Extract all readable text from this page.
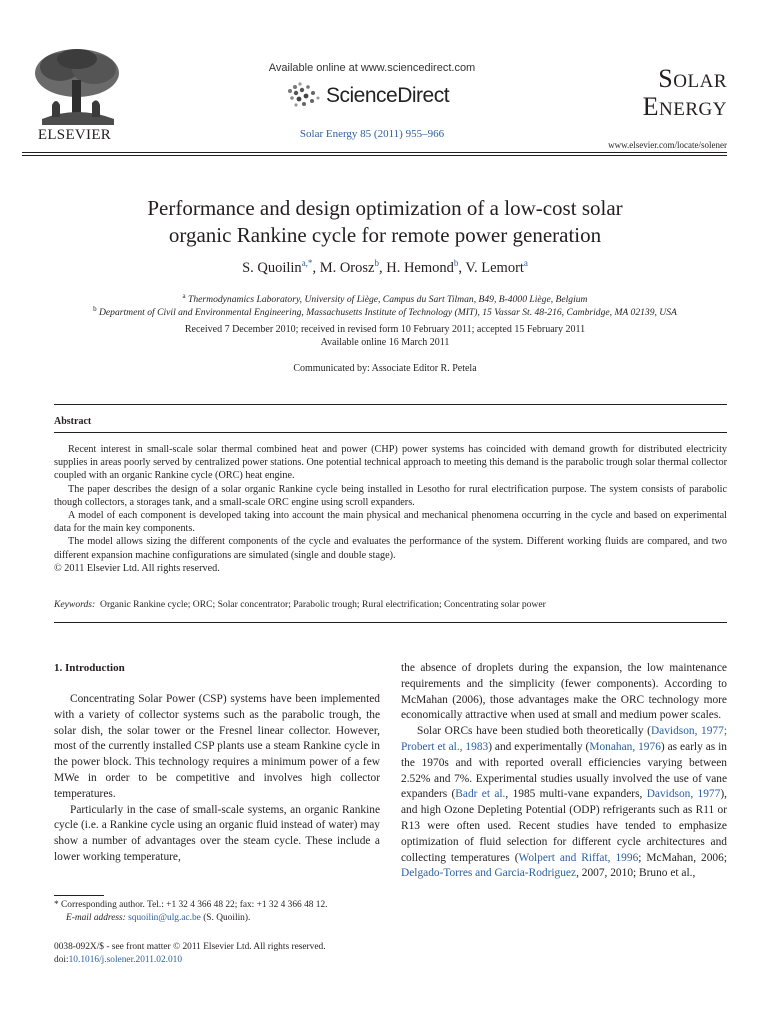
ELSEVIER
Available online at www.sciencedirect.com
ScienceDirect
Solar Energy 85 (2011) 955–966
SOLAR
ENERGY
www.elsevier.com/locate/solener
Performance and design optimization of a low-cost solar
organic Rankine cycle for remote power generation
S. Quoilin$^{a,*}$, M. Orosz$^b$, H. Hemond$^b$, V. Lemort$^a$
$^a$ Thermodynamics Laboratory, University of Liège, Campus du Sart Tilman, B49, B-4000 Liège, Belgium
$^b$ Department of Civil and Environmental Engineering, Massachusetts Institute of Technology (MIT), 15 Vassar St. 48-216, Cambridge, MA 02139, USA
Received 7 December 2010; received in revised form 10 February 2011; accepted 15 February 2011
Available online 16 March 2011
Communicated by: Associate Editor R. Petela
Abstract

Recent interest in small-scale solar thermal combined heat and power (CHP) power systems has coincided with demand growth for distributed electricity supplies in areas poorly served by centralized power stations. One potential technical approach to meeting this demand is the parabolic trough solar thermal collector coupled with an organic Rankine cycle (ORC) heat engine.

The paper describes the design of a solar organic Rankine cycle being installed in Lesotho for rural electrification purpose. The system consists of parabolic though collectors, a storages tank, and a small-scale ORC engine using scroll expanders.

A model of each component is developed taking into account the main physical and mechanical phenomena occurring in the cycle and based on experimental data for the main key components.

The model allows sizing the different components of the cycle and evaluates the performance of the system. Different working fluids are compared, and two different expansion machine configurations are simulated (single and double stage).

© 2011 Elsevier Ltd. All rights reserved.

Keywords: Organic Rankine cycle; ORC; Solar concentrator; Parabolic trough; Rural electrification; Concentrating solar power
1. Introduction

Concentrating Solar Power (CSP) systems have been implemented with a variety of collector systems such as the parabolic trough, the solar dish, the solar tower or the Fresnel linear collector. However, most of the currently installed CSP plants use a steam Rankine cycle in the power block. This technology requires a minimum power of a few MWe in order to be competitive and involves high collector temperatures.

Particularly in the case of small-scale systems, an organic Rankine cycle (i.e. a Rankine cycle using an organic fluid instead of water) may show a number of advantages over the steam cycle. These include a lower working temperature,

the absence of droplets during the expansion, the low maintenance requirements and the simplicity (fewer components). According to McMahan (2006), those advantages make the ORC technology more economically attractive when used at small and medium power scales.

Solar ORCs have been studied both theoretically (Davidson, 1977; Probert et al., 1983) and experimentally (Monahan, 1976) as early as in the 1970s and with reported overall efficiencies varying between 2.52% and 7%. Experimental studies usually involved the use of vane expanders (Badr et al., 1985 multi-vane expanders, Davidson, 1977), and high Ozone Depleting Potential (ODP) refrigerants such as R11 or R13 were often used. Recent studies have tended to emphasize optimization of fluid selection for different cycle architectures and collecting temperatures (Wolpert and Riffat, 1996; McMahan, 2006; Delgado-Torres and Garcia-Rodriguez, 2007, 2010; Bruno et al.,

* Corresponding author. Tel.: +1 32 4 366 48 22; fax: +1 32 4 366 48 12.
E-mail address: squoilin@ulg.ac.be (S. Quoilin).
0038-092X/$ - see front matter © 2011 Elsevier Ltd. All rights reserved.
doi:10.1016/j.solener.2011.02.010
